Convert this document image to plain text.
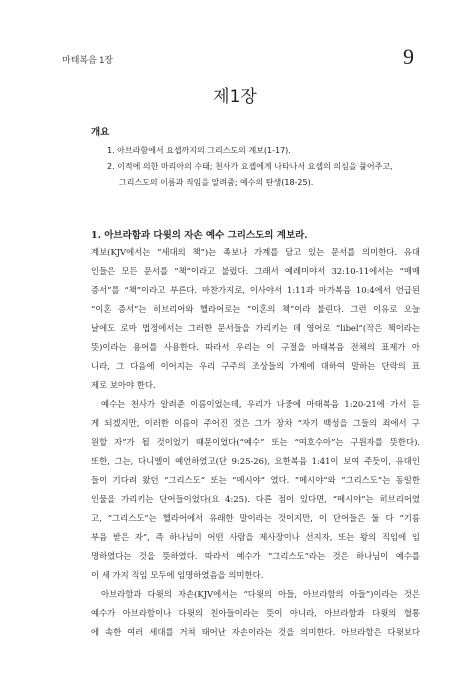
마태복음 1장	9
제1장
개요
1. 아브라함에서 요셉까지의 그리스도의 계보(1-17).
2. 이적에 의한 마리아의 수태; 천사가 요셉에게 나타나서 요셉의 의심을 풀어주고,
그리스도의 이름과 직임을 알려줌; 예수의 탄생(18-25).
1. 아브라함과 다윗의 자손 예수 그리스도의 계보라.
계보(KJV에서는 “세대의 책”)는 족보나 가계를 담고 있는 문서를 의미한다. 유대
인들은 모든 문서를 “책”이라고 불렀다. 그래서 예레미야서 32:10-11에서는 “매매
증서”를 “책”이라고 부른다. 마찬가지로, 이사야서 1:11과 마가복음 10:4에서 언급된
“이혼 증서”는 히브리어와 헬라어로는 “이혼의 책”이라 불린다. 그런 이유로 오늘
날에도 로마 법정에서는 그러한 문서들을 가리키는 데 영어로 “libel”(작은 책이라는
뜻)이라는 용어를 사용한다. 따라서 우리는 이 구절을 마태복음 전체의 표제가 아
니라, 그 다음에 이어지는 우리 구주의 조상들의 가계에 대하여 말하는 단락의 표
제로 보아야 한다.
예수는 천사가 알려준 이름이었는데, 우리가 나중에 마태복음 1:20-21에 가서 듣
게 되겠지만, 이러한 이름이 주어진 것은 그가 장차 “자기 백성을 그들의 죄에서 구
원할 자”가 될 것이었기 때문이었다(“예수” 또는 “여호수아”는 구원자를 뜻한다).
또한, 그는, 다니엘이 예언하였고(단 9:25-26), 요한복음 1:41이 보여 주듯이, 유대인
들이 기다려 왔던 “그리스도” 또는 “메시야” 였다. “메시야”와 “그리스도”는 동일한
인물을 가리키는 단어들이었다(요 4:25). 다른 점이 있다면, “메시야”는 히브리어였
고, “그리스도”는 헬라어에서 유래한 말이라는 것이지만, 이 단어들은 둘 다 “기름
부음 받은 자”, 즉 하나님이 어떤 사람을 제사장이나 선지자, 또는 왕의 직임에 임
명하였다는 것을 뜻하였다. 따라서 예수가 “그리스도”라는 것은 하나님이 예수를
이 세 가지 직임 모두에 임명하였음을 의미한다.
아브라함과 다윗의 자손(KJV에서는 “다윗의 아들, 아브라함의 아들”)이라는 것은
예수가 아브라함이나 다윗의 친아들이라는 뜻이 아니라, 아브라함과 다윗의 혈통
에 속한 여러 세대를 거쳐 태어난 자손이라는 것을 의미한다. 아브라함은 다윗보다
